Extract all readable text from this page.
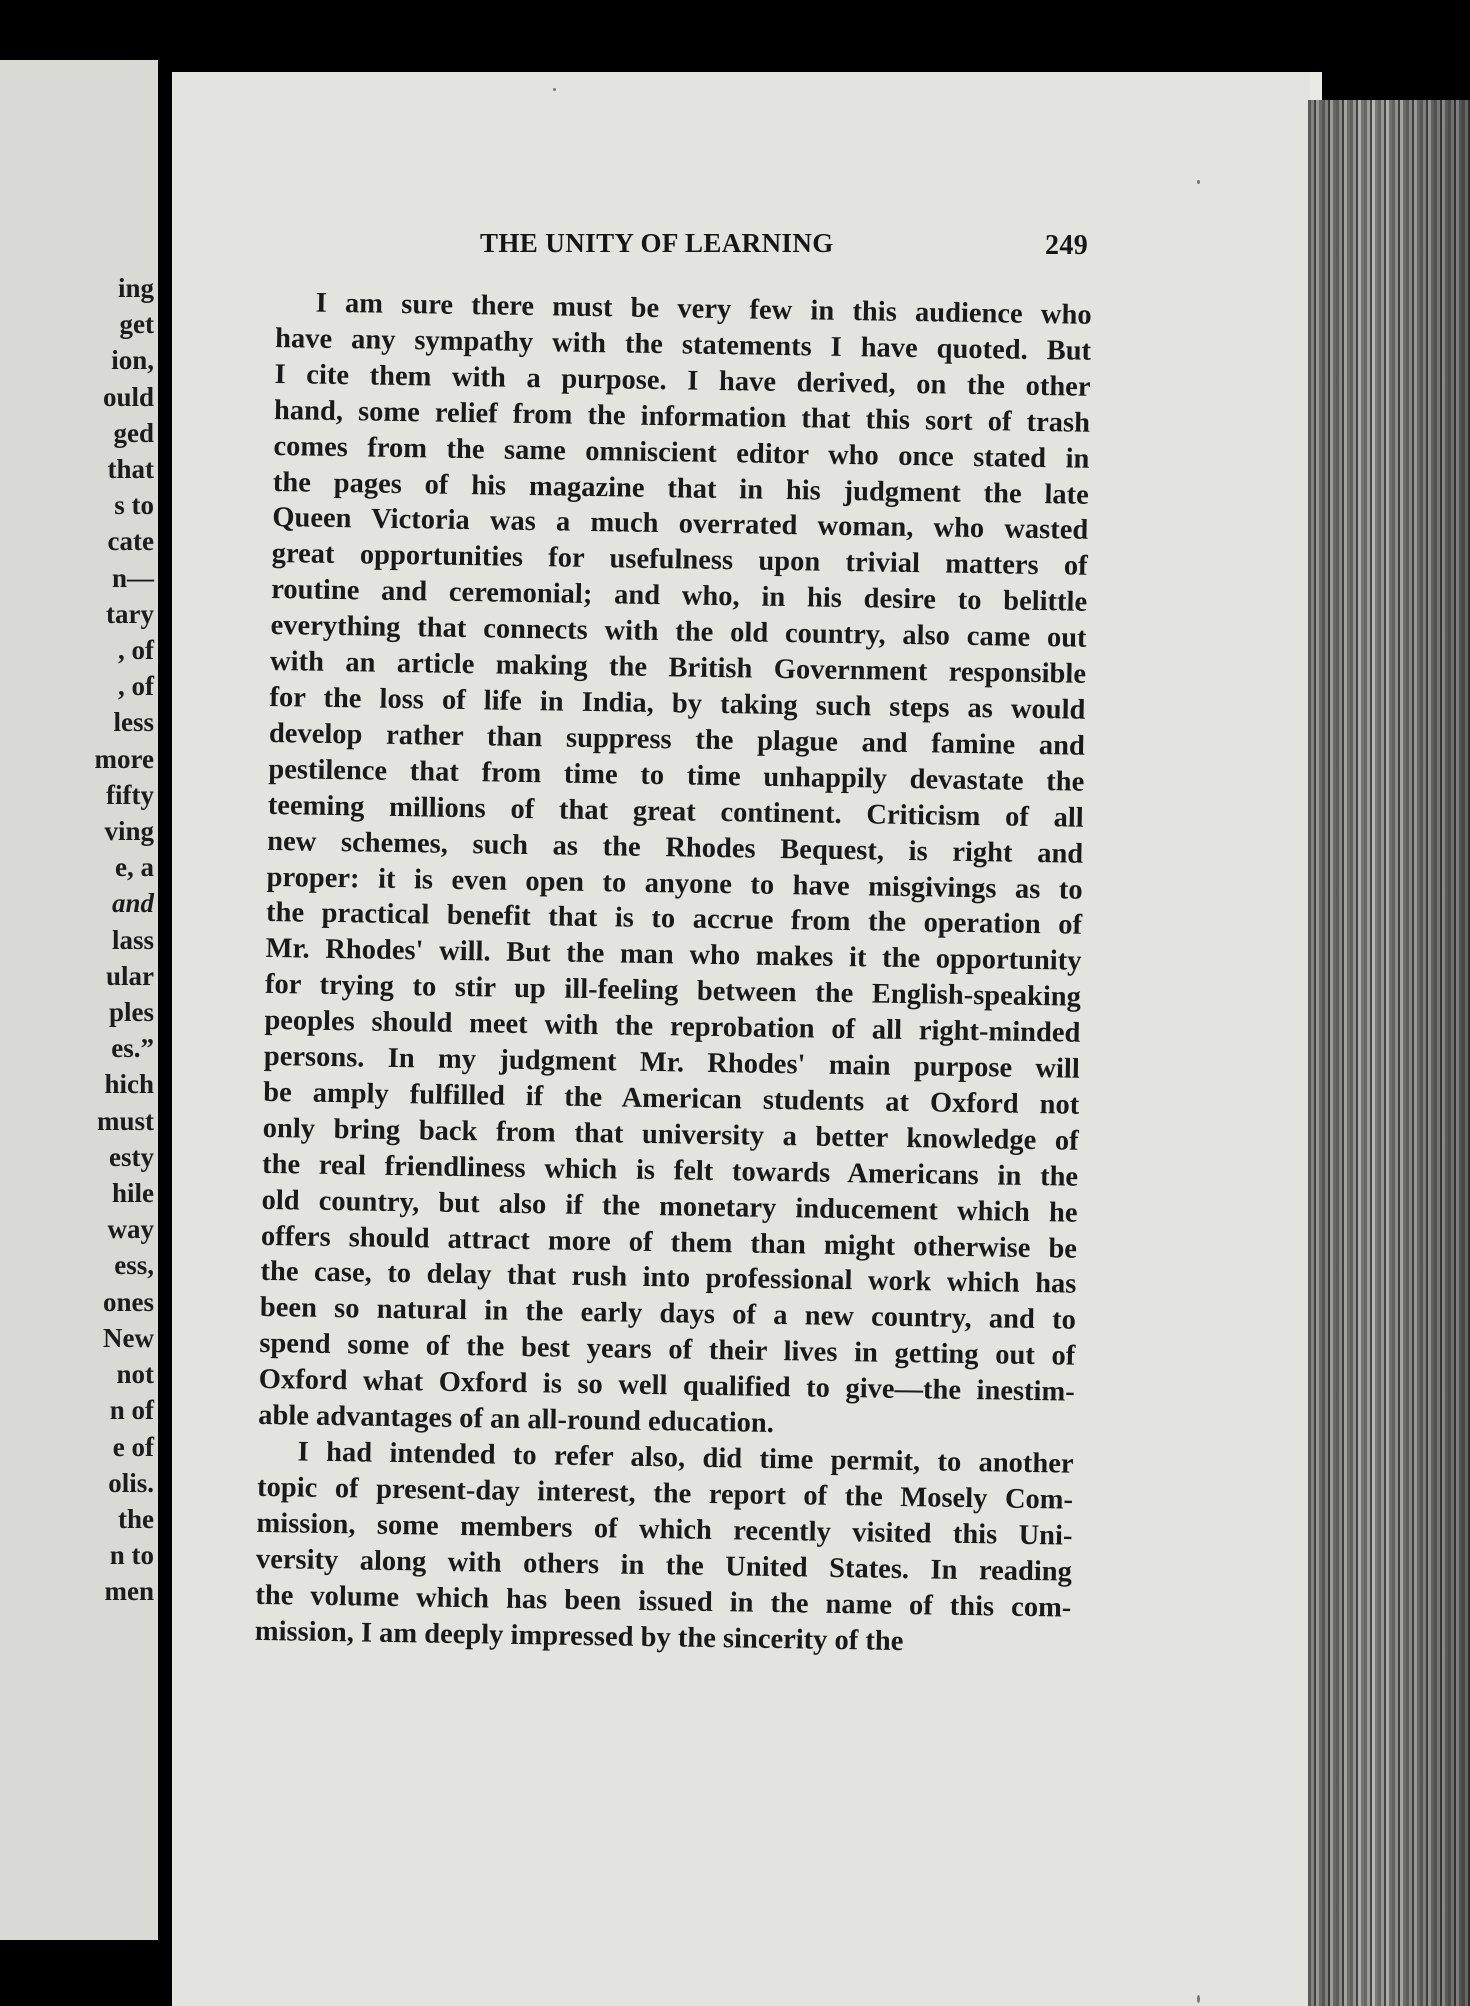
ing
get
ion,
ould
ged
that
s to
cate
n—
tary
, of
, of
less
more
fifty
ving
e, a
and
lass
ular
ples
es.”
hich
must
esty
hile
way
ess,
ones
New
not
n of
e of
olis.
the
n to
men
THE UNITY OF LEARNING	249
I am sure there must be very few in this audience who
have any sympathy with the statements I have quoted. But
I cite them with a purpose. I have derived, on the other
hand, some relief from the information that this sort of trash
comes from the same omniscient editor who once stated in
the pages of his magazine that in his judgment the late
Queen Victoria was a much overrated woman, who wasted
great opportunities for usefulness upon trivial matters of
routine and ceremonial; and who, in his desire to belittle
everything that connects with the old country, also came out
with an article making the British Government responsible
for the loss of life in India, by taking such steps as would
develop rather than suppress the plague and famine and
pestilence that from time to time unhappily devastate the
teeming millions of that great continent. Criticism of all
new schemes, such as the Rhodes Bequest, is right and
proper: it is even open to anyone to have misgivings as to
the practical benefit that is to accrue from the operation of
Mr. Rhodes' will. But the man who makes it the opportunity
for trying to stir up ill-feeling between the English-speaking
peoples should meet with the reprobation of all right-minded
persons. In my judgment Mr. Rhodes' main purpose will
be amply fulfilled if the American students at Oxford not
only bring back from that university a better knowledge of
the real friendliness which is felt towards Americans in the
old country, but also if the monetary inducement which he
offers should attract more of them than might otherwise be
the case, to delay that rush into professional work which has
been so natural in the early days of a new country, and to
spend some of the best years of their lives in getting out of
Oxford what Oxford is so well qualified to give—the inestim-
able advantages of an all-round education.
I had intended to refer also, did time permit, to another
topic of present-day interest, the report of the Mosely Com-
mission, some members of which recently visited this Uni-
versity along with others in the United States. In reading
the volume which has been issued in the name of this com-
mission, I am deeply impressed by the sincerity of the
